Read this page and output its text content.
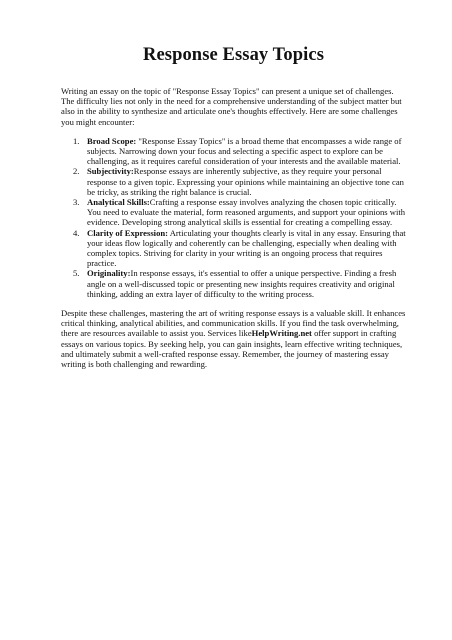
Response Essay Topics

Writing an essay on the topic of "Response Essay Topics" can present a unique set of challenges. The difficulty lies not only in the need for a comprehensive understanding of the subject matter but also in the ability to synthesize and articulate one's thoughts effectively. Here are some challenges you might encounter:

1. Broad Scope: "Response Essay Topics" is a broad theme that encompasses a wide range of subjects. Narrowing down your focus and selecting a specific aspect to explore can be challenging, as it requires careful consideration of your interests and the available material.
2. Subjectivity:Response essays are inherently subjective, as they require your personal response to a given topic. Expressing your opinions while maintaining an objective tone can be tricky, as striking the right balance is crucial.
3. Analytical Skills:Crafting a response essay involves analyzing the chosen topic critically. You need to evaluate the material, form reasoned arguments, and support your opinions with evidence. Developing strong analytical skills is essential for creating a compelling essay.
4. Clarity of Expression: Articulating your thoughts clearly is vital in any essay. Ensuring that your ideas flow logically and coherently can be challenging, especially when dealing with complex topics. Striving for clarity in your writing is an ongoing process that requires practice.
5. Originality:In response essays, it's essential to offer a unique perspective. Finding a fresh angle on a well-discussed topic or presenting new insights requires creativity and original thinking, adding an extra layer of difficulty to the writing process.

Despite these challenges, mastering the art of writing response essays is a valuable skill. It enhances critical thinking, analytical abilities, and communication skills. If you find the task overwhelming, there are resources available to assist you. Services likeHelpWriting.net offer support in crafting essays on various topics. By seeking help, you can gain insights, learn effective writing techniques, and ultimately submit a well-crafted response essay. Remember, the journey of mastering essay writing is both challenging and rewarding.
